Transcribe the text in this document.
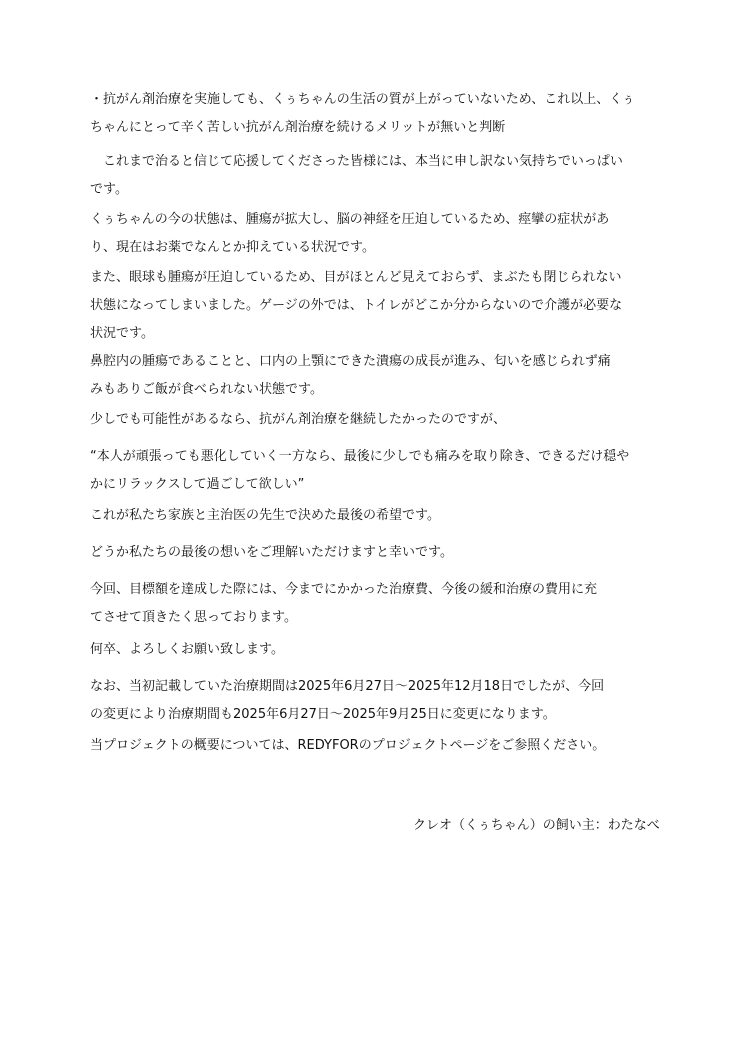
・抗がん剤治療を実施しても、くぅちゃんの生活の質が上がっていないため、これ以上、くぅ
ちゃんにとって辛く苦しい抗がん剤治療を続けるメリットが無いと判断

　これまで治ると信じて応援してくださった皆様には、本当に申し訳ない気持ちでいっぱい
です。

くぅちゃんの今の状態は、腫瘍が拡大し、脳の神経を圧迫しているため、痙攣の症状があ
り、現在はお薬でなんとか抑えている状況です。

また、眼球も腫瘍が圧迫しているため、目がほとんど見えておらず、まぶたも閉じられない
状態になってしまいました。ゲージの外では、トイレがどこか分からないので介護が必要な
状況です。

鼻腔内の腫瘍であることと、口内の上顎にできた潰瘍の成長が進み、匂いを感じられず痛
みもありご飯が食べられない状態です。

少しでも可能性があるなら、抗がん剤治療を継続したかったのですが、

“本人が頑張っても悪化していく一方なら、最後に少しでも痛みを取り除き、できるだけ穏や
かにリラックスして過ごして欲しい”

これが私たち家族と主治医の先生で決めた最後の希望です。

どうか私たちの最後の想いをご理解いただけますと幸いです。

今回、目標額を達成した際には、今までにかかった治療費、今後の緩和治療の費用に充
てさせて頂きたく思っております。

何卒、よろしくお願い致します。

なお、当初記載していた治療期間は2025年6月27日～2025年12月18日でしたが、今回
の変更により治療期間も2025年6月27日～2025年9月25日に変更になります。

当プロジェクトの概要については、REDYFORのプロジェクトページをご参照ください。

クレオ（くぅちゃん）の飼い主：わたなべ
